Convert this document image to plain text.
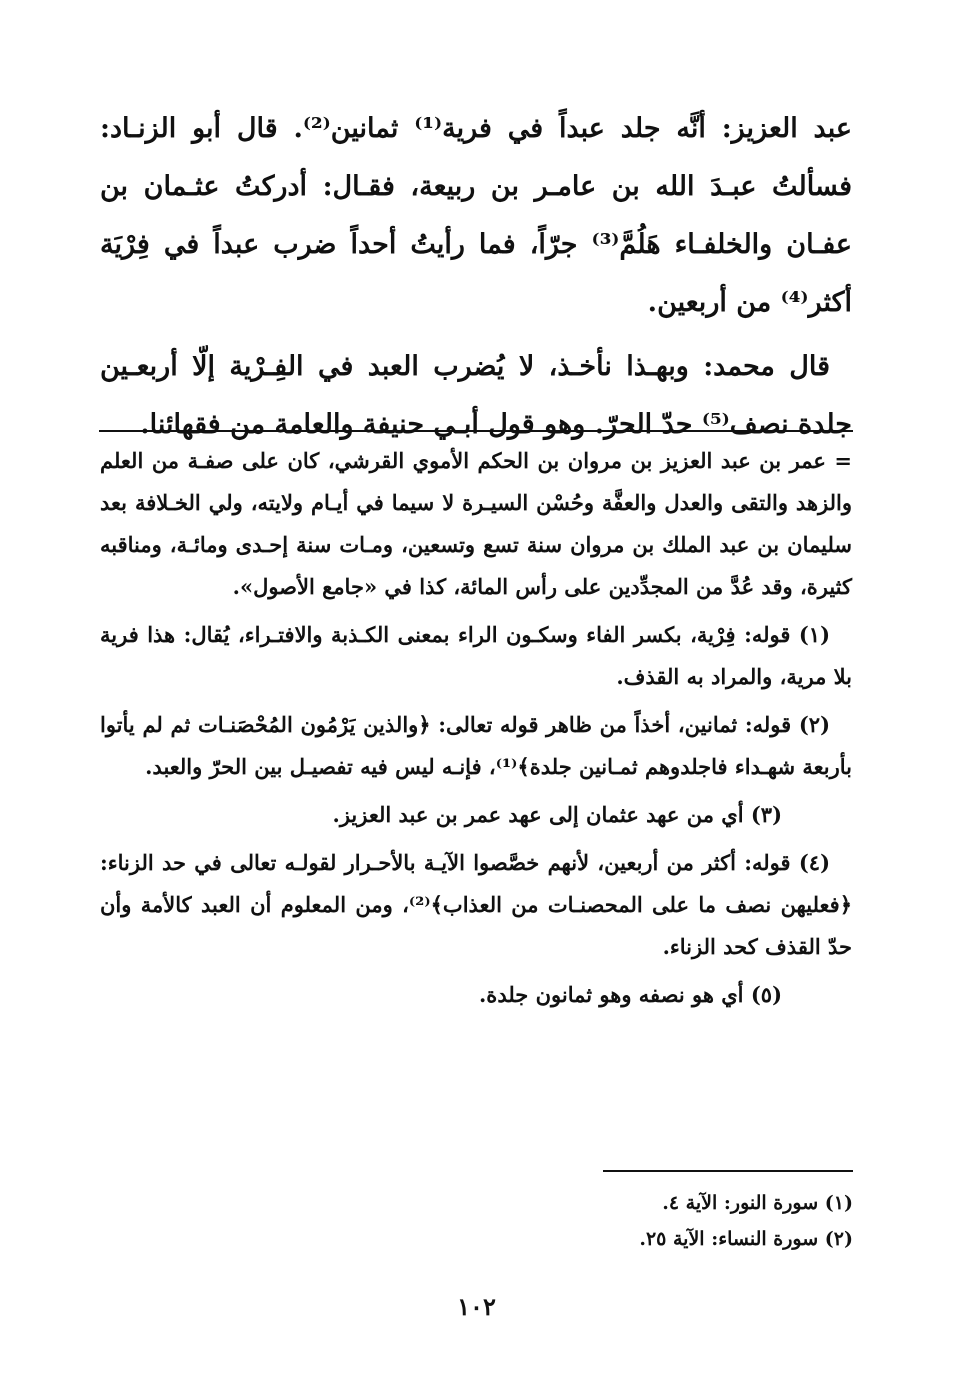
عبد العزيز: أنَّه جلد عبداً في فرية⁽¹⁾ ثمانين⁽²⁾. قال أبو الزنـاد: فسألتُ عبـدَ الله بن عامـر بن ربيعة، فقـال: أدركتُ عثـمان بن عفـان والخلفـاء هَلُمَّ⁽³⁾ جرّاً، فما رأيتُ أحداً ضرب عبداً في فِرْيَة أكثر⁽⁴⁾ من أربعين.

قال محمد: وبهـذا نأخـذ، لا يُضرب العبد في الفِـرْية إلّا أربعـين جلدة نصف⁽⁵⁾ حدّ الحرّ. وهو قول أبـي حنيفة والعامة من فقهائنا.

= عمر بن عبد العزيز بن مروان بن الحكم الأموي القرشي، كان على صفـة من العلم والزهد والتقى والعدل والعفَّة وحُسْن السيـرة لا سيما في أيـام ولايته، ولي الخـلافة بعد سليمان بن عبد الملك بن مروان سنة تسع وتسعين، ومـات سنة إحـدى ومائـة، ومناقبه كثيرة، وقد عُدَّ من المجدِّدين على رأس المائة، كذا في «جامع الأصول».

(١) قوله: فِرْية، بكسر الفاء وسكـون الراء بمعنى الكـذبة والافتـراء، يُقال: هذا فرية بلا مرية، والمراد به القذف.

(٢) قوله: ثمانين، أخذاً من ظاهر قوله تعالى: ﴿والذين يَرْمُون المُحْصَنـات ثم لم يأتوا بأربعة شهـداء فاجلدوهم ثمـانين جلدة﴾⁽¹⁾، فإنـه ليس فيه تفصيـل بين الحرّ والعبد.

(٣) أي من عهد عثمان إلى عهد عمر بن عبد العزيز.

(٤) قوله: أكثر من أربعين، لأنهم خصَّصوا الآيـة بالأحـرار لقولـه تعالى في حد الزناء: ﴿فعليهن نصف ما على المحصنـات من العذاب﴾⁽²⁾، ومن المعلوم أن العبد كالأمة وأن حدّ القذف كحد الزناء.

(٥) أي هو نصفه وهو ثمانون جلدة.

(١) سورة النور: الآية ٤.
(٢) سورة النساء: الآية ٢٥.
١٠٢
